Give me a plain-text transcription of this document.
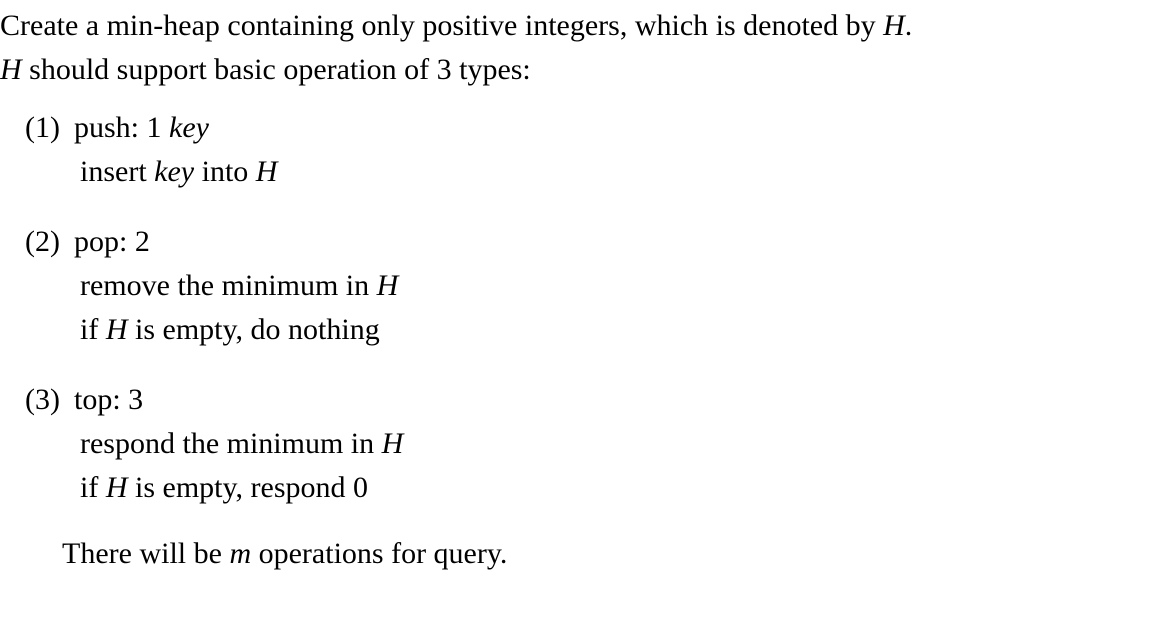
Create a min-heap containing only positive integers, which is denoted by H.
H should support basic operation of 3 types:
(1) push: 1 key
insert key into H
(2) pop: 2
remove the minimum in H
if H is empty, do nothing
(3) top: 3
respond the minimum in H
if H is empty, respond 0
There will be m operations for query.
